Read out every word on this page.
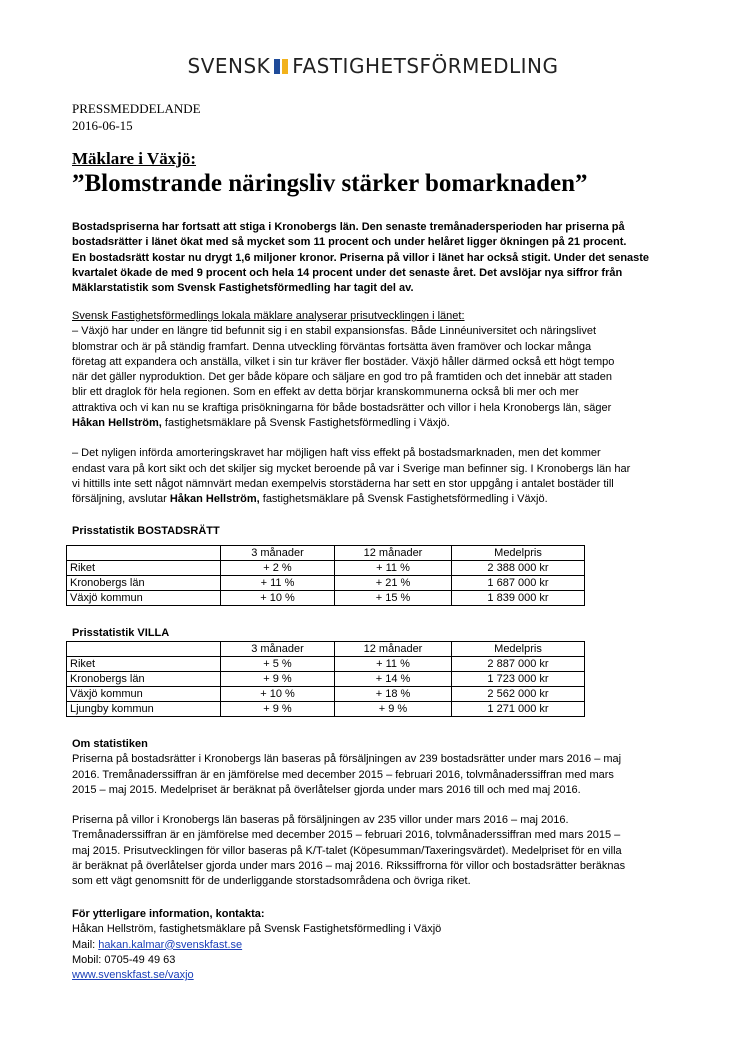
SVENSK FASTIGHETSFÖRMEDLING
PRESSMEDDELANDE
2016-06-15
Mäklare i Växjö:
”Blomstrande näringsliv stärker bomarknaden”
Bostadspriserna har fortsatt att stiga i Kronobergs län. Den senaste tremånadersperioden har priserna på
bostadsrätter i länet ökat med så mycket som 11 procent och under helåret ligger ökningen på 21 procent.
En bostadsrätt kostar nu drygt 1,6 miljoner kronor. Priserna på villor i länet har också stigit. Under det senaste
kvartalet ökade de med 9 procent och hela 14 procent under det senaste året. Det avslöjar nya siffror från
Mäklarstatistik som Svensk Fastighetsförmedling har tagit del av.
Svensk Fastighetsförmedlings lokala mäklare analyserar prisutvecklingen i länet:
– Växjö har under en längre tid befunnit sig i en stabil expansionsfas. Både Linnéuniversitet och näringslivet
blomstrar och är på ständig framfart. Denna utveckling förväntas fortsätta även framöver och lockar många
företag att expandera och anställa, vilket i sin tur kräver fler bostäder. Växjö håller därmed också ett högt tempo
när det gäller nyproduktion. Det ger både köpare och säljare en god tro på framtiden och det innebär att staden
blir ett draglok för hela regionen. Som en effekt av detta börjar kranskommunerna också bli mer och mer
attraktiva och vi kan nu se kraftiga prisökningarna för både bostadsrätter och villor i hela Kronobergs län, säger
Håkan Hellström, fastighetsmäklare på Svensk Fastighetsförmedling i Växjö.
– Det nyligen införda amorteringskravet har möjligen haft viss effekt på bostadsmarknaden, men det kommer
endast vara på kort sikt och det skiljer sig mycket beroende på var i Sverige man befinner sig. I Kronobergs län har
vi hittills inte sett något nämnvärt medan exempelvis storstäderna har sett en stor uppgång i antalet bostäder till
försäljning, avslutar Håkan Hellström, fastighetsmäklare på Svensk Fastighetsförmedling i Växjö.
Prisstatistik BOSTADSRÄTT
	3 månader	12 månader	Medelpris
Riket	+ 2 %	+ 11 %	2 388 000 kr
Kronobergs län	+ 11 %	+ 21 %	1 687 000 kr
Växjö kommun	+ 10 %	+ 15 %	1 839 000 kr
Prisstatistik VILLA
	3 månader	12 månader	Medelpris
Riket	+ 5 %	+ 11 %	2 887 000 kr
Kronobergs län	+ 9 %	+ 14 %	1 723 000 kr
Växjö kommun	+ 10 %	+ 18 %	2 562 000 kr
Ljungby kommun	+ 9 %	+ 9 %	1 271 000 kr
Om statistiken
Priserna på bostadsrätter i Kronobergs län baseras på försäljningen av 239 bostadsrätter under mars 2016 – maj
2016. Tremånaderssiffran är en jämförelse med december 2015 – februari 2016, tolvmånaderssiffran med mars
2015 – maj 2015. Medelpriset är beräknat på överlåtelser gjorda under mars 2016 till och med maj 2016.
Priserna på villor i Kronobergs län baseras på försäljningen av 235 villor under mars 2016 – maj 2016.
Tremånaderssiffran är en jämförelse med december 2015 – februari 2016, tolvmånaderssiffran med mars 2015 –
maj 2015. Prisutvecklingen för villor baseras på K/T-talet (Köpesumman/Taxeringsvärdet). Medelpriset för en villa
är beräknat på överlåtelser gjorda under mars 2016 – maj 2016. Rikssiffrorna för villor och bostadsrätter beräknas
som ett vägt genomsnitt för de underliggande storstadsområdena och övriga riket.
För ytterligare information, kontakta:
Håkan Hellström, fastighetsmäklare på Svensk Fastighetsförmedling i Växjö
Mail: hakan.kalmar@svenskfast.se
Mobil: 0705-49 49 63
www.svenskfast.se/vaxjo
